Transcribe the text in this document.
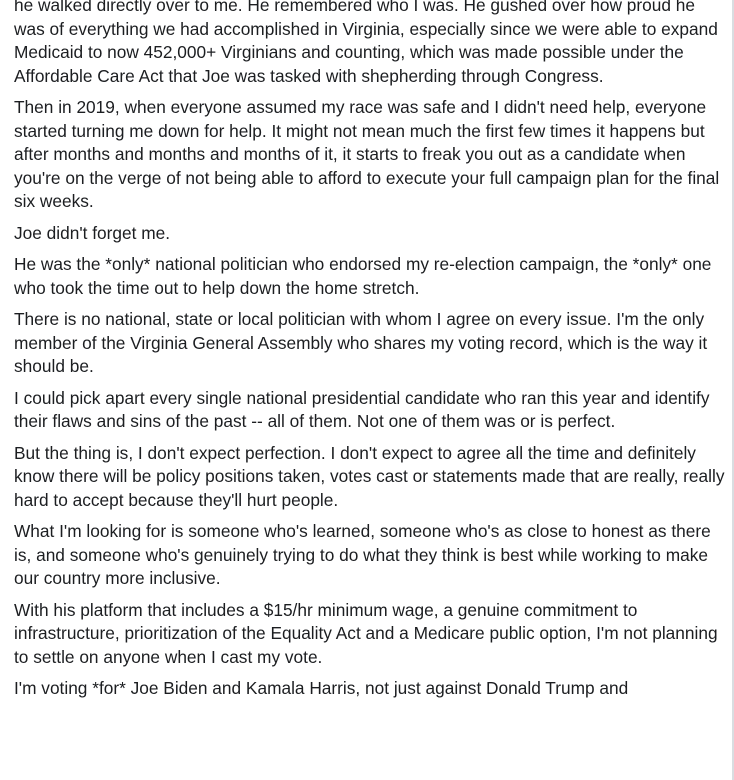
he walked directly over to me. He remembered who I was. He gushed over how proud he was of everything we had accomplished in Virginia, especially since we were able to expand Medicaid to now 452,000+ Virginians and counting, which was made possible under the Affordable Care Act that Joe was tasked with shepherding through Congress.

Then in 2019, when everyone assumed my race was safe and I didn't need help, everyone started turning me down for help. It might not mean much the first few times it happens but after months and months and months of it, it starts to freak you out as a candidate when you're on the verge of not being able to afford to execute your full campaign plan for the final six weeks.

Joe didn't forget me.

He was the *only* national politician who endorsed my re-election campaign, the *only* one who took the time out to help down the home stretch.

There is no national, state or local politician with whom I agree on every issue. I'm the only member of the Virginia General Assembly who shares my voting record, which is the way it should be.

I could pick apart every single national presidential candidate who ran this year and identify their flaws and sins of the past -- all of them. Not one of them was or is perfect.

But the thing is, I don't expect perfection. I don't expect to agree all the time and definitely know there will be policy positions taken, votes cast or statements made that are really, really hard to accept because they'll hurt people.

What I'm looking for is someone who's learned, someone who's as close to honest as there is, and someone who's genuinely trying to do what they think is best while working to make our country more inclusive.

With his platform that includes a $15/hr minimum wage, a genuine commitment to infrastructure, prioritization of the Equality Act and a Medicare public option, I'm not planning to settle on anyone when I cast my vote.

I'm voting *for* Joe Biden and Kamala Harris, not just against Donald Trump and
